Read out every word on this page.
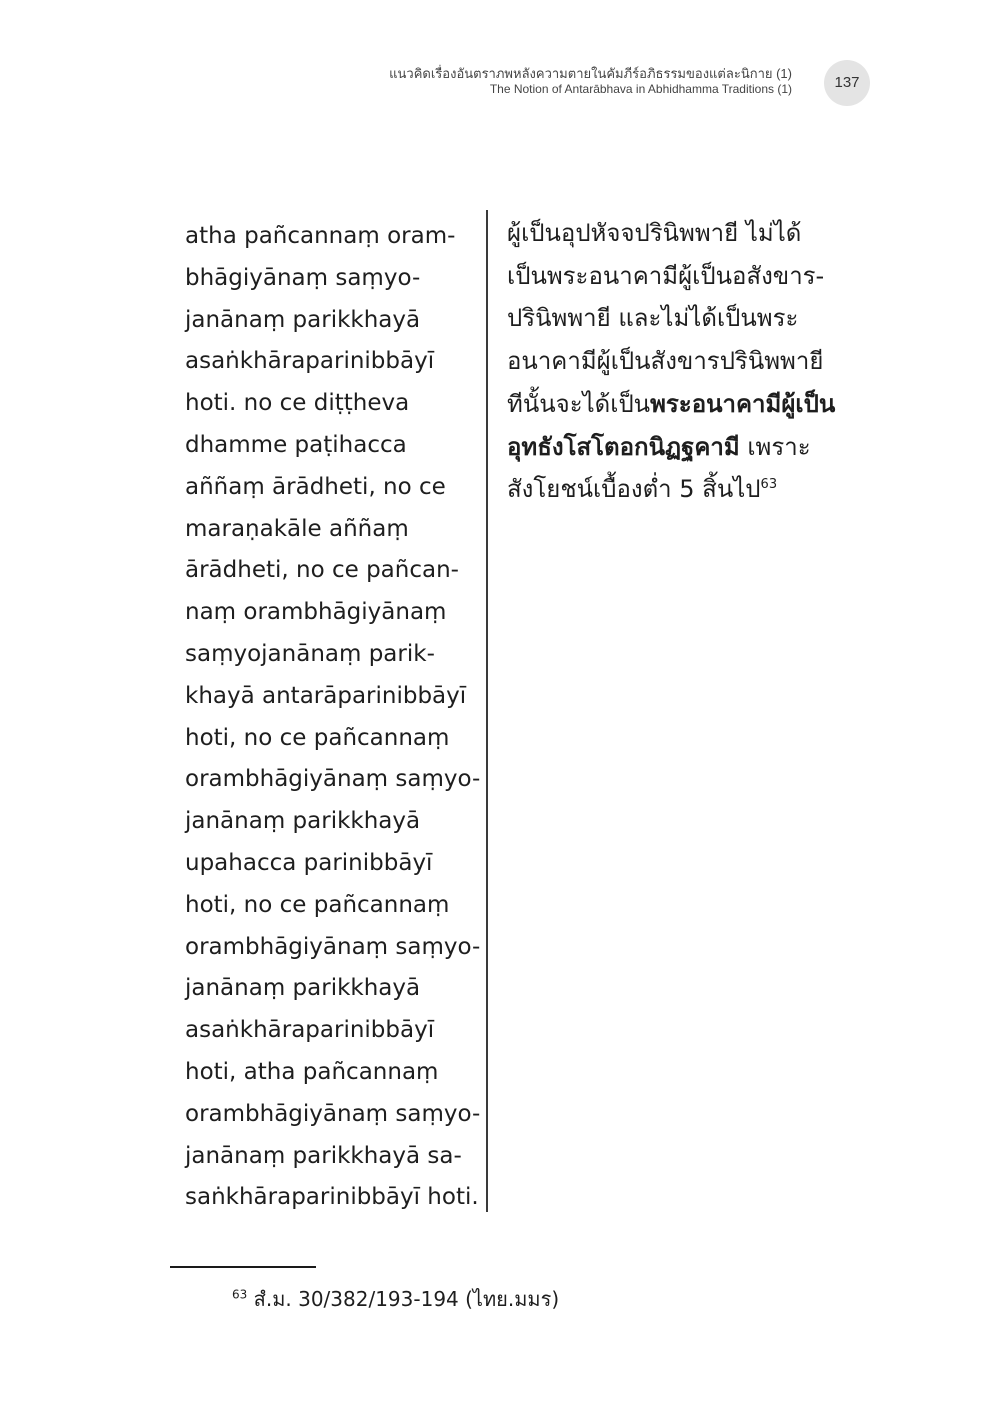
แนวคิดเรื่องอันตราภพหลังความตายในคัมภีร์อภิธรรมของแต่ละนิกาย (1)
The Notion of Antarābhava in Abhidhamma Traditions (1)	137
atha pañcannaṃ oram-
bhāgiyānaṃ saṃyo-
janānaṃ parikkhayā
asaṅkhāraparinibbāyī
hoti. no ce diṭṭheva
dhamme paṭihacca
aññaṃ ārādheti, no ce
maraṇakāle aññaṃ
ārādheti, no ce pañcan-
naṃ orambhāgiyānaṃ
saṃyojanānaṃ parik-
khayā antarāparinibbāyī
hoti, no ce pañcannaṃ
orambhāgiyānaṃ saṃyo-
janānaṃ parikkhayā
upahacca parinibbāyī
hoti, no ce pañcannaṃ
orambhāgiyānaṃ saṃyo-
janānaṃ parikkhayā
asaṅkhāraparinibbāyī
hoti, atha pañcannaṃ
orambhāgiyānaṃ saṃyo-
janānaṃ parikkhayā sa-
saṅkhāraparinibbāyī hoti.
ผู้เป็นอุปหัจจปรินิพพายี ไม่ได้
เป็นพระอนาคามีผู้เป็นอสังขาร-
ปรินิพพายี และไม่ได้เป็นพระ
อนาคามีผู้เป็นสังขารปรินิพพายี
ทีนั้นจะได้เป็นพระอนาคามีผู้เป็น
อุทธังโสโตอกนิฏฐคามี เพราะ
สังโยชน์เบื้องต่ำ 5 สิ้นไป$^{63}$
$^{63}$ สํ.ม. 30/382/193-194 (ไทย.มมร)
